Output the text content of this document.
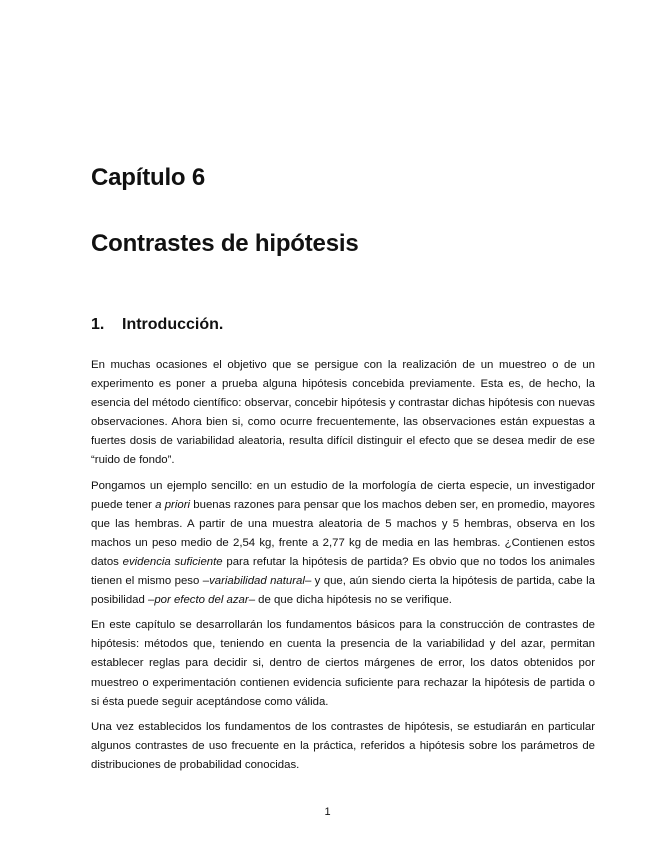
Capítulo 6
Contrastes de hipótesis
1. Introducción.

En muchas ocasiones el objetivo que se persigue con la realización de un muestreo o de un experimento es poner a prueba alguna hipótesis concebida previamente. Esta es, de hecho, la esencia del método científico: observar, concebir hipótesis y contrastar dichas hipótesis con nuevas observaciones. Ahora bien si, como ocurre frecuentemente, las observaciones están expuestas a fuertes dosis de variabilidad aleatoria, resulta difícil distinguir el efecto que se desea medir de ese “ruido de fondo”.

Pongamos un ejemplo sencillo: en un estudio de la morfología de cierta especie, un investigador puede tener a priori buenas razones para pensar que los machos deben ser, en promedio, mayores que las hembras. A partir de una muestra aleatoria de 5 machos y 5 hembras, observa en los machos un peso medio de 2,54 kg, frente a 2,77 kg de media en las hembras. ¿Contienen estos datos evidencia suficiente para refutar la hipótesis de partida? Es obvio que no todos los animales tienen el mismo peso –variabilidad natural– y que, aún siendo cierta la hipótesis de partida, cabe la posibilidad –por efecto del azar– de que dicha hipótesis no se verifique.

En este capítulo se desarrollarán los fundamentos básicos para la construcción de contrastes de hipótesis: métodos que, teniendo en cuenta la presencia de la variabilidad y del azar, permitan establecer reglas para decidir si, dentro de ciertos márgenes de error, los datos obtenidos por muestreo o experimentación contienen evidencia suficiente para rechazar la hipótesis de partida o si ésta puede seguir aceptándose como válida.

Una vez establecidos los fundamentos de los contrastes de hipótesis, se estudiarán en particular algunos contrastes de uso frecuente en la práctica, referidos a hipótesis sobre los parámetros de distribuciones de probabilidad conocidas.

1
